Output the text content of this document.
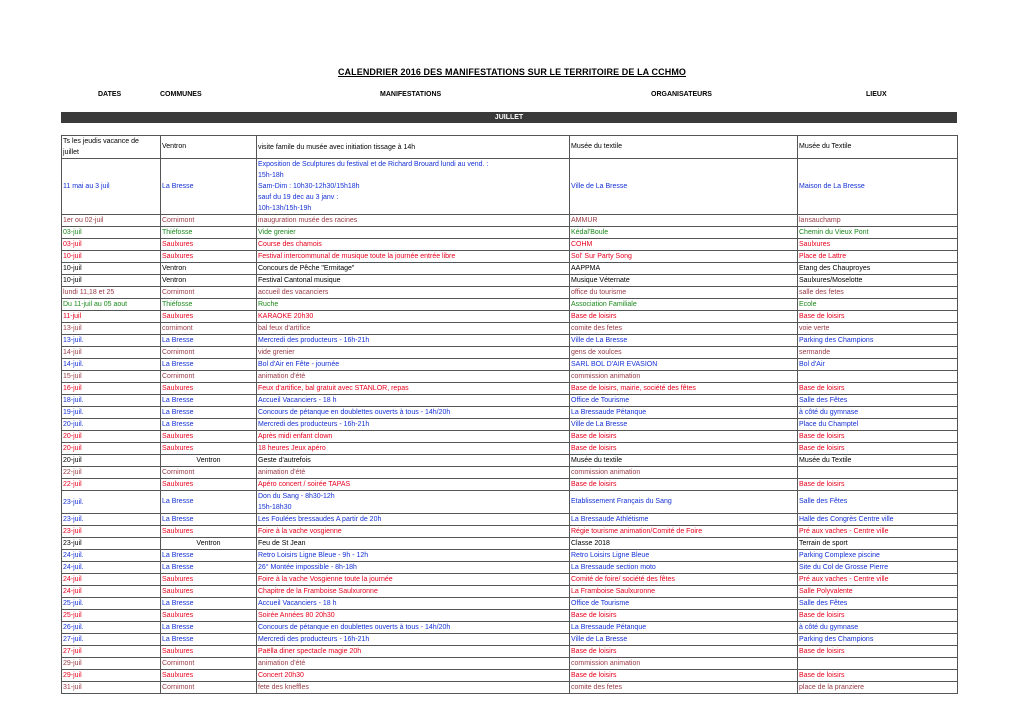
CALENDRIER 2016 DES MANIFESTATIONS SUR LE TERRITOIRE DE LA CCHMO
DATES	COMMUNES	MANIFESTATIONS	ORGANISATEURS	LIEUX
JUILLET
Ts les jeudis vacance de
juillet	Ventron	visite famile du musée avec initiation tissage à 14h	Musée du textile	Musée du Textile

11 mai au 3 juil	La Bresse	Exposition de Sculptures du festival et de Richard Brouard lundi au vend. :
15h-18h
Sam-Dim : 10h30-12h30/15h18h
sauf du 19 dec au 3 janv :
10h-13h/15h-19h	Ville de La Bresse	Maison de La Bresse

1er ou 02-juil	Cornimont	inauguration musée des racines	AMMUR	lansauchamp

03-juil	Thiéfosse	Vide grenier	Kédal'Boule	Chemin du Vieux Pont

03-juil	Saulxures	Course des chamois	COHM	Saulxures

10-juil	Saulxures	Festival intercommunal de musique toute la journée entrée libre	Sol' Sur Party Song	Place de Lattre

10-juil	Ventron	Concours de Pêche "Ermitage"	AAPPMA	Etang des Chauproyes

10-juil	Ventron	Festival Cantonal musique	Musique Véternate	Saulxures/Moselotte

lundi 11,18 et 25	Cornimont	accueil des vacanciers	office du tourisme	salle des fetes

Du 11-juil au 05 aout	Thiéfosse	Ruche	Association Familiale	Ecole

11-juil	Saulxures	KARAOKE 20h30	Base de loisirs	Base de loisirs

13-juil	cornimont	bal feux d'artifice	comite des fetes	voie verte

13-juil.	La Bresse	Mercredi des producteurs - 16h-21h	Ville de La Bresse	Parking des Champions

14-juil	Cornimont	vide grenier	gens de xoulces	sermande

14-juil.	La Bresse	Bol d'Air en Fête - journée	SARL BOL D'AIR EVASION	Bol d'Air

15-juil	Cornimont	animation d'été	commission animation	

16-juil	Saulxures	Feux d'artifice, bal gratuit avec STANLOR, repas	Base de loisirs, mairie, société des fêtes	Base de loisirs

18-juil.	La Bresse	Accueil Vacanciers - 18 h	Office de Tourisme	Salle des Fêtes

19-juil.	La Bresse	Concours de pétanque en doublettes ouverts à tous - 14h/20h	La Bressaude Pétanque	à côté du gymnase

20-juil.	La Bresse	Mercredi des producteurs - 16h-21h	Ville de La Bresse	Place du Champtel

20-juil	Saulxures	Après midi enfant clown	Base de loisirs	Base de loisirs

20-juil	Saulxures	18 heures Jeux apéro	Base de loisirs	Base de loisirs

20-juil	Ventron	Geste d'autrefois	Musée du textile	Musée du Textile

22-juil	Cornimont	animation d'été	commission animation	

22-juil	Saulxures	Apéro concert / soirée TAPAS	Base de loisirs	Base de loisirs

23-juil.	La Bresse	Don du Sang - 8h30-12h
15h-18h30	Etablissement Français du Sang	Salle des Fêtes

23-juil.	La Bresse	Les Foulées bressaudes A partir de 20h	La Bressaude Athlétisme	Halle des Congrès Centre ville

23-juil	Saulxures	Foire à la vache vosgienne	Régie tourisme animation/Comité de Foire	Pré aux vaches - Centre ville

23-juil	Ventron	Feu de St Jean	Classe 2018	Terrain de sport

24-juil.	La Bresse	Retro Loisirs Ligne Bleue - 9h - 12h	Retro Loisirs Ligne Bleue	Parking Complexe piscine

24-juil.	La Bresse	26° Montée impossible - 8h-18h	La Bressaude section moto	Site du Col de Grosse Pierre

24-juil	Saulxures	Foire à la vache Vosgienne toute la journée	Comité de foire/ société des fêtes	Pré aux vaches - Centre ville

24-juil	Saulxures	Chapitre de la Framboise Saulxuronne	La Framboise Saulxuronne	Salle Polyvalente

25-juil.	La Bresse	Accueil Vacanciers - 18 h	Office de Tourisme	Salle des Fêtes

25-juil	Saulxures	Soirée Années 80 20h30	Base de loisirs	Base de loisirs

26-juil.	La Bresse	Concours de pétanque en doublettes ouverts à tous - 14h/20h	La Bressaude Pétanque	à côté du gymnase

27-juil.	La Bresse	Mercredi des producteurs - 16h-21h	Ville de La Bresse	Parking des Champions

27-juil	Saulxures	Paëlla diner spectacle magie 20h	Base de loisirs	Base de loisirs

29-juil	Cornimont	animation d'été	commission animation	

29-juil	Saulxures	Concert 20h30	Base de loisirs	Base de loisirs

31-juil	Cornimont	fete des kneffles	comite des fetes	place de la pranziere
